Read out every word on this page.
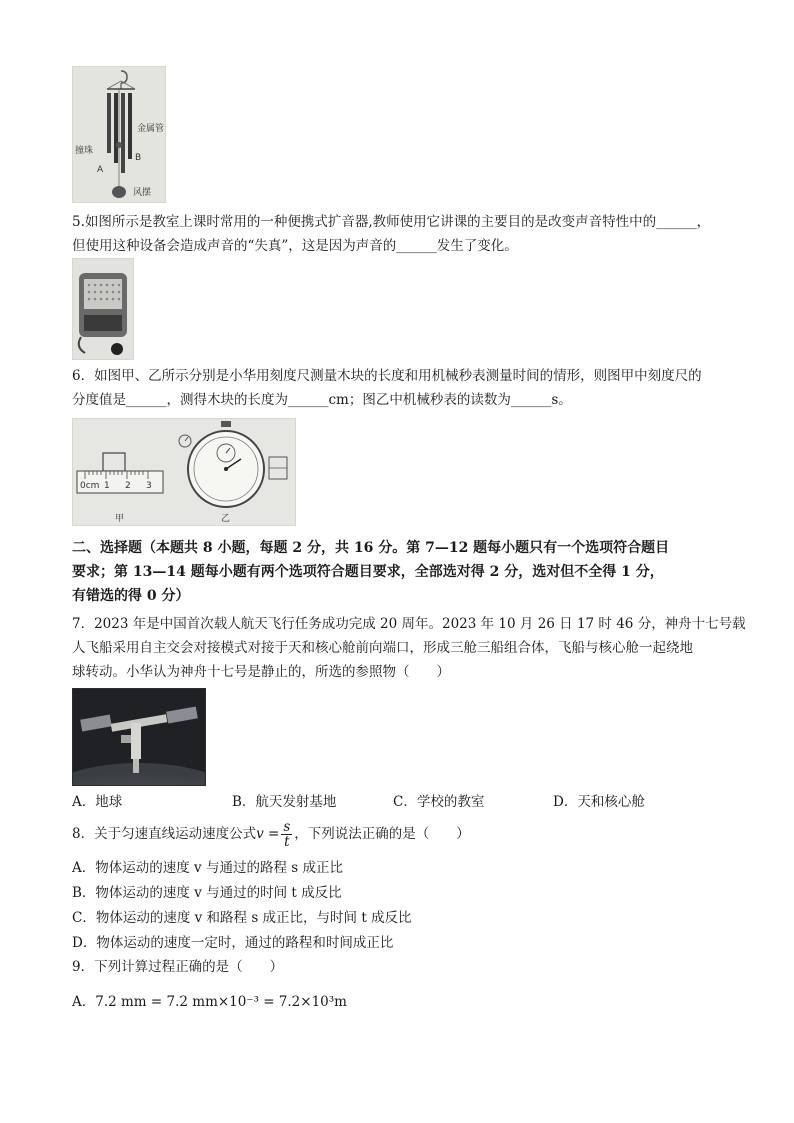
金属管
撞珠
B
A
风摆
5.如图所示是教室上课时常用的一种便携式扩音器,教师使用它讲课的主要目的是改变声音特性中的______，
但使用这种设备会造成声音的“失真”，这是因为声音的______发生了变化。
6．如图甲、乙所示分别是小华用刻度尺测量木块的长度和用机械秒表测量时间的情形，则图甲中刻度尺的
分度值是______，测得木块的长度为______cm；图乙中机械秒表的读数为______s。
0cm 1 2 3
甲	乙
二、选择题（本题共 8 小题，每题 2 分，共 16 分。第 7—12 题每小题只有一个选项符合题目
要求；第 13—14 题每小题有两个选项符合题目要求，全部选对得 2 分，选对但不全得 1 分，
有错选的得 0 分）
7．2023 年是中国首次载人航天飞行任务成功完成 20 周年。2023 年 10 月 26 日 17 时 46 分，神舟十七号载
人飞船采用自主交会对接模式对接于天和核心舱前向端口，形成三舱三船组合体，飞船与核心舱一起绕地
球转动。小华认为神舟十七号是静止的，所选的参照物（　　）
A．地球	B．航天发射基地	C．学校的教室	D．天和核心舱
8．关于匀速直线运动速度公式$v = \frac{s}{t}$ ，下列说法正确的是（　　）
A．物体运动的速度 v 与通过的路程 s 成正比
B．物体运动的速度 v 与通过的时间 t 成反比
C．物体运动的速度 v 和路程 s 成正比，与时间 t 成反比
D．物体运动的速度一定时，通过的路程和时间成正比
9．下列计算过程正确的是（　　）
A．7.2 mm = 7.2 mm×10⁻³ = 7.2×10³m
